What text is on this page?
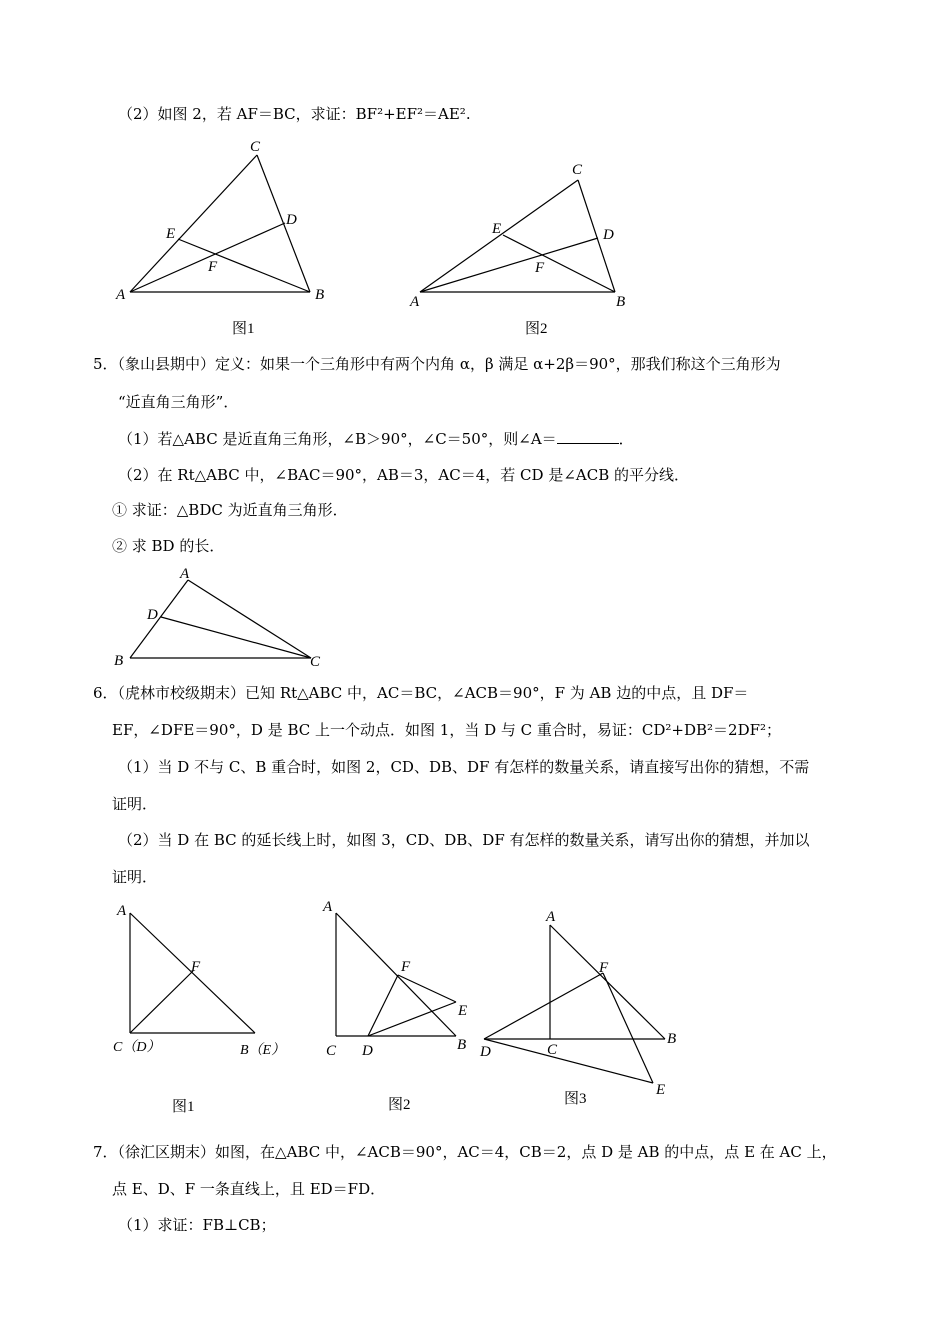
（2）如图 2，若 AF＝BC，求证：BF²+EF²＝AE².
C
E
D
F
A	B
图1
C
E	D
F
A	B
图2
5．（象山县期中）定义：如果一个三角形中有两个内角 α，β 满足 α+2β＝90°，那我们称这个三角形为
“近直角三角形”．
（1）若△ABC 是近直角三角形，∠B＞90°，∠C＝50°，则∠A＝	．
（2）在 Rt△ABC 中，∠BAC＝90°，AB＝3，AC＝4，若 CD 是∠ACB 的平分线．
① 求证：△BDC 为近直角三角形．
② 求 BD 的长．
A
D
B	C
6．（虎林市校级期末）已知 Rt△ABC 中，AC＝BC，∠ACB＝90°，F 为 AB 边的中点，且 DF＝
EF，∠DFE＝90°，D 是 BC 上一个动点．如图 1，当 D 与 C 重合时，易证：CD²+DB²＝2DF²；
（1）当 D 不与 C、B 重合时，如图 2，CD、DB、DF 有怎样的数量关系，请直接写出你的猜想，不需
证明．
（2）当 D 在 BC 的延长线上时，如图 3，CD、DB、DF 有怎样的数量关系，请写出你的猜想，并加以
证明．
A
F
C（D）	B（E）
图1
A
F
E
C D	B
图2
A
F
B
D	C
E
图3
7．（徐汇区期末）如图，在△ABC 中，∠ACB＝90°，AC＝4，CB＝2，点 D 是 AB 的中点，点 E 在 AC 上，
点 E、D、F 一条直线上，且 ED＝FD．
（1）求证：FB⊥CB；
